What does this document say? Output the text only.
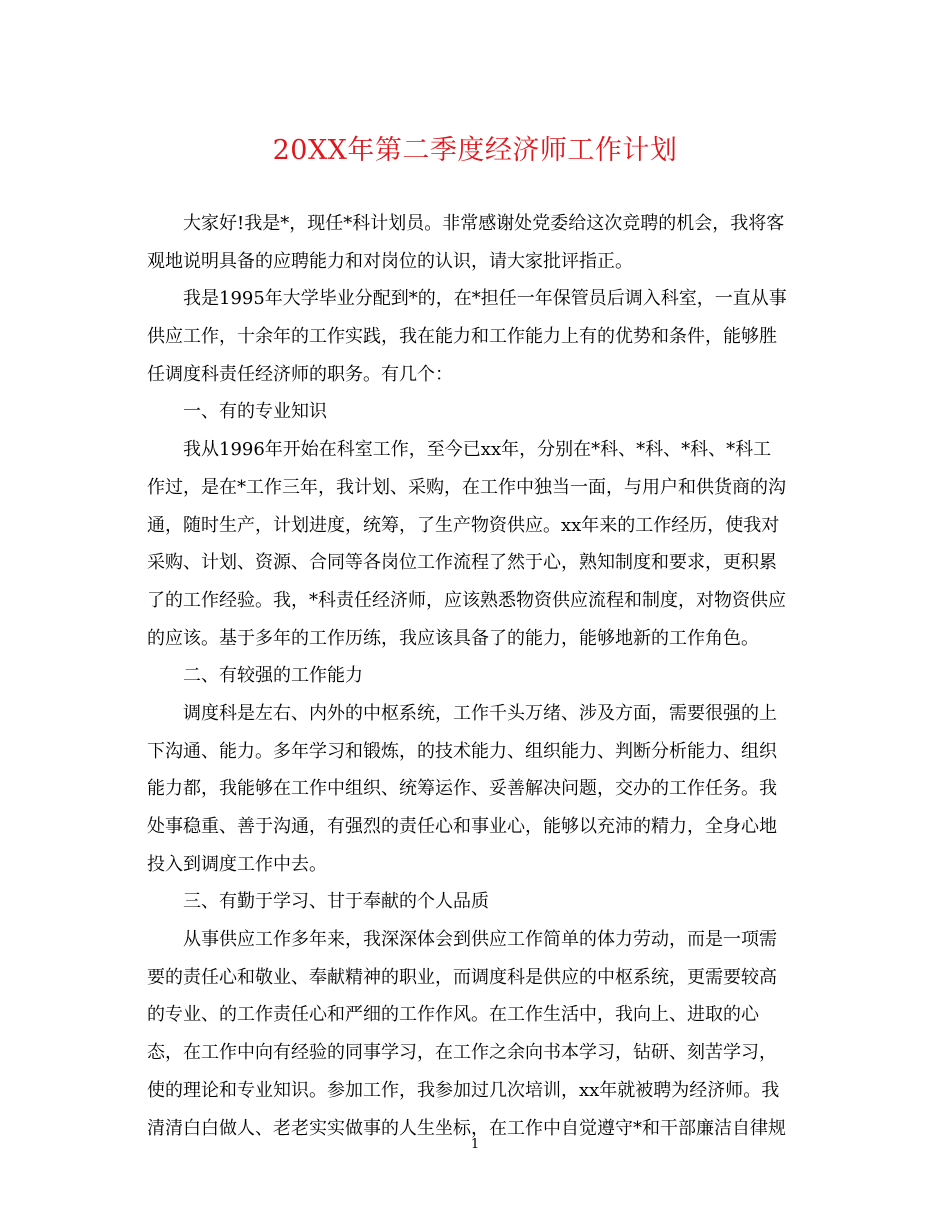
20XX年第二季度经济师工作计划
大家好!我是*，现任*科计划员。非常感谢处党委给这次竞聘的机会，我将客
观地说明具备的应聘能力和对岗位的认识，请大家批评指正。
我是1995年大学毕业分配到*的，在*担任一年保管员后调入科室，一直从事
供应工作，十余年的工作实践，我在能力和工作能力上有的优势和条件，能够胜
任调度科责任经济师的职务。有几个：
一、有的专业知识
我从1996年开始在科室工作，至今已xx年，分别在*科、*科、*科、*科工
作过，是在*工作三年，我计划、采购，在工作中独当一面，与用户和供货商的沟
通，随时生产，计划进度，统筹，了生产物资供应。xx年来的工作经历，使我对
采购、计划、资源、合同等各岗位工作流程了然于心，熟知制度和要求，更积累
了的工作经验。我，*科责任经济师，应该熟悉物资供应流程和制度，对物资供应
的应该。基于多年的工作历练，我应该具备了的能力，能够地新的工作角色。
二、有较强的工作能力
调度科是左右、内外的中枢系统，工作千头万绪、涉及方面，需要很强的上
下沟通、能力。多年学习和锻炼，的技术能力、组织能力、判断分析能力、组织
能力都，我能够在工作中组织、统筹运作、妥善解决问题，交办的工作任务。我
处事稳重、善于沟通，有强烈的责任心和事业心，能够以充沛的精力，全身心地
投入到调度工作中去。
三、有勤于学习、甘于奉献的个人品质
从事供应工作多年来，我深深体会到供应工作简单的体力劳动，而是一项需
要的责任心和敬业、奉献精神的职业，而调度科是供应的中枢系统，更需要较高
的专业、的工作责任心和严细的工作作风。在工作生活中，我向上、进取的心
态，在工作中向有经验的同事学习，在工作之余向书本学习，钻研、刻苦学习，
使的理论和专业知识。参加工作，我参加过几次培训，xx年就被聘为经济师。我
清清白白做人、老老实实做事的人生坐标，在工作中自觉遵守*和干部廉洁自律规
1
